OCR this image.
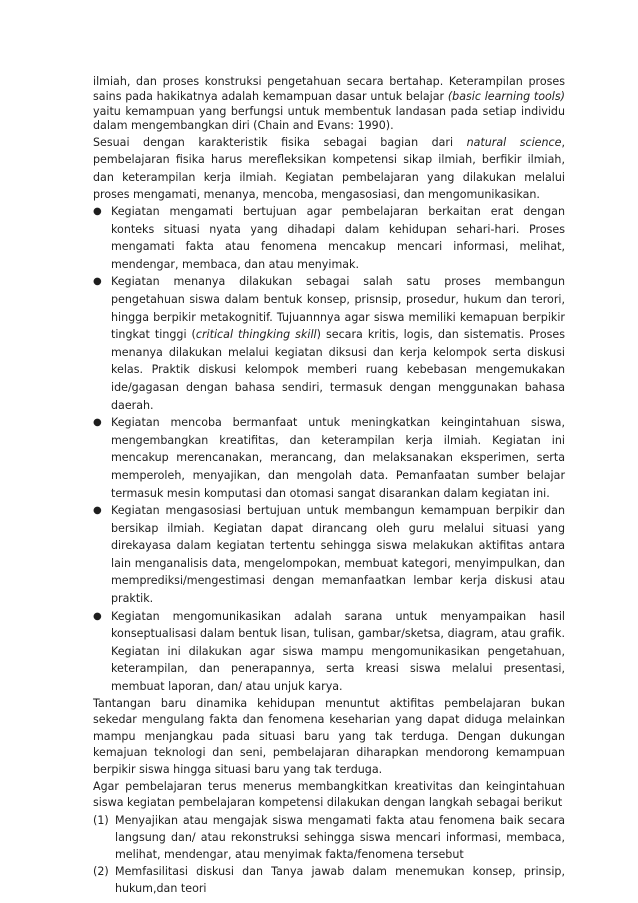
ilmiah, dan proses konstruksi pengetahuan secara bertahap. Keterampilan proses sains pada hakikatnya adalah kemampuan dasar untuk belajar (basic learning tools) yaitu kemampuan yang berfungsi untuk membentuk landasan pada setiap individu dalam mengembangkan diri (Chain and Evans: 1990).

Sesuai dengan karakteristik fisika sebagai bagian dari natural science, pembelajaran fisika harus merefleksikan kompetensi sikap ilmiah, berfikir ilmiah, dan keterampilan kerja ilmiah. Kegiatan pembelajaran yang dilakukan melalui proses mengamati, menanya, mencoba, mengasosiasi, dan mengomunikasikan.

● Kegiatan mengamati bertujuan agar pembelajaran berkaitan erat dengan konteks situasi nyata yang dihadapi dalam kehidupan sehari-hari. Proses mengamati fakta atau fenomena mencakup mencari informasi, melihat, mendengar, membaca, dan atau menyimak.
● Kegiatan menanya dilakukan sebagai salah satu proses membangun pengetahuan siswa dalam bentuk konsep, prisnsip, prosedur, hukum dan terori, hingga berpikir metakognitif. Tujuannnya agar siswa memiliki kemapuan berpikir tingkat tinggi (critical thingking skill) secara kritis, logis, dan sistematis. Proses menanya dilakukan melalui kegiatan diksusi dan kerja kelompok serta diskusi kelas. Praktik diskusi kelompok memberi ruang kebebasan mengemukakan ide/gagasan dengan bahasa sendiri, termasuk dengan menggunakan bahasa daerah.
● Kegiatan mencoba bermanfaat untuk meningkatkan keingintahuan siswa, mengembangkan kreatifitas, dan keterampilan kerja ilmiah. Kegiatan ini mencakup merencanakan, merancang, dan melaksanakan eksperimen, serta memperoleh, menyajikan, dan mengolah data. Pemanfaatan sumber belajar termasuk mesin komputasi dan otomasi sangat disarankan dalam kegiatan ini.
● Kegiatan mengasosiasi bertujuan untuk membangun kemampuan berpikir dan bersikap ilmiah. Kegiatan dapat dirancang oleh guru melalui situasi yang direkayasa dalam kegiatan tertentu sehingga siswa melakukan aktifitas antara lain menganalisis data, mengelompokan, membuat kategori, menyimpulkan, dan memprediksi/mengestimasi dengan memanfaatkan lembar kerja diskusi atau praktik.
● Kegiatan mengomunikasikan adalah sarana untuk menyampaikan hasil konseptualisasi dalam bentuk lisan, tulisan, gambar/sketsa, diagram, atau grafik. Kegiatan ini dilakukan agar siswa mampu mengomunikasikan pengetahuan, keterampilan, dan penerapannya, serta kreasi siswa melalui presentasi, membuat laporan, dan/ atau unjuk karya.

Tantangan baru dinamika kehidupan menuntut aktifitas pembelajaran bukan sekedar mengulang fakta dan fenomena keseharian yang dapat diduga melainkan mampu menjangkau pada situasi baru yang tak terduga. Dengan dukungan kemajuan teknologi dan seni, pembelajaran diharapkan mendorong kemampuan berpikir siswa hingga situasi baru yang tak terduga.

Agar pembelajaran terus menerus membangkitkan kreativitas dan keingintahuan siswa kegiatan pembelajaran kompetensi dilakukan dengan langkah sebagai berikut

(1) Menyajikan atau mengajak siswa mengamati fakta atau fenomena baik secara langsung dan/ atau rekonstruksi sehingga siswa mencari informasi, membaca, melihat, mendengar, atau menyimak fakta/fenomena tersebut
(2) Memfasilitasi diskusi dan Tanya jawab dalam menemukan konsep, prinsip, hukum,dan teori
